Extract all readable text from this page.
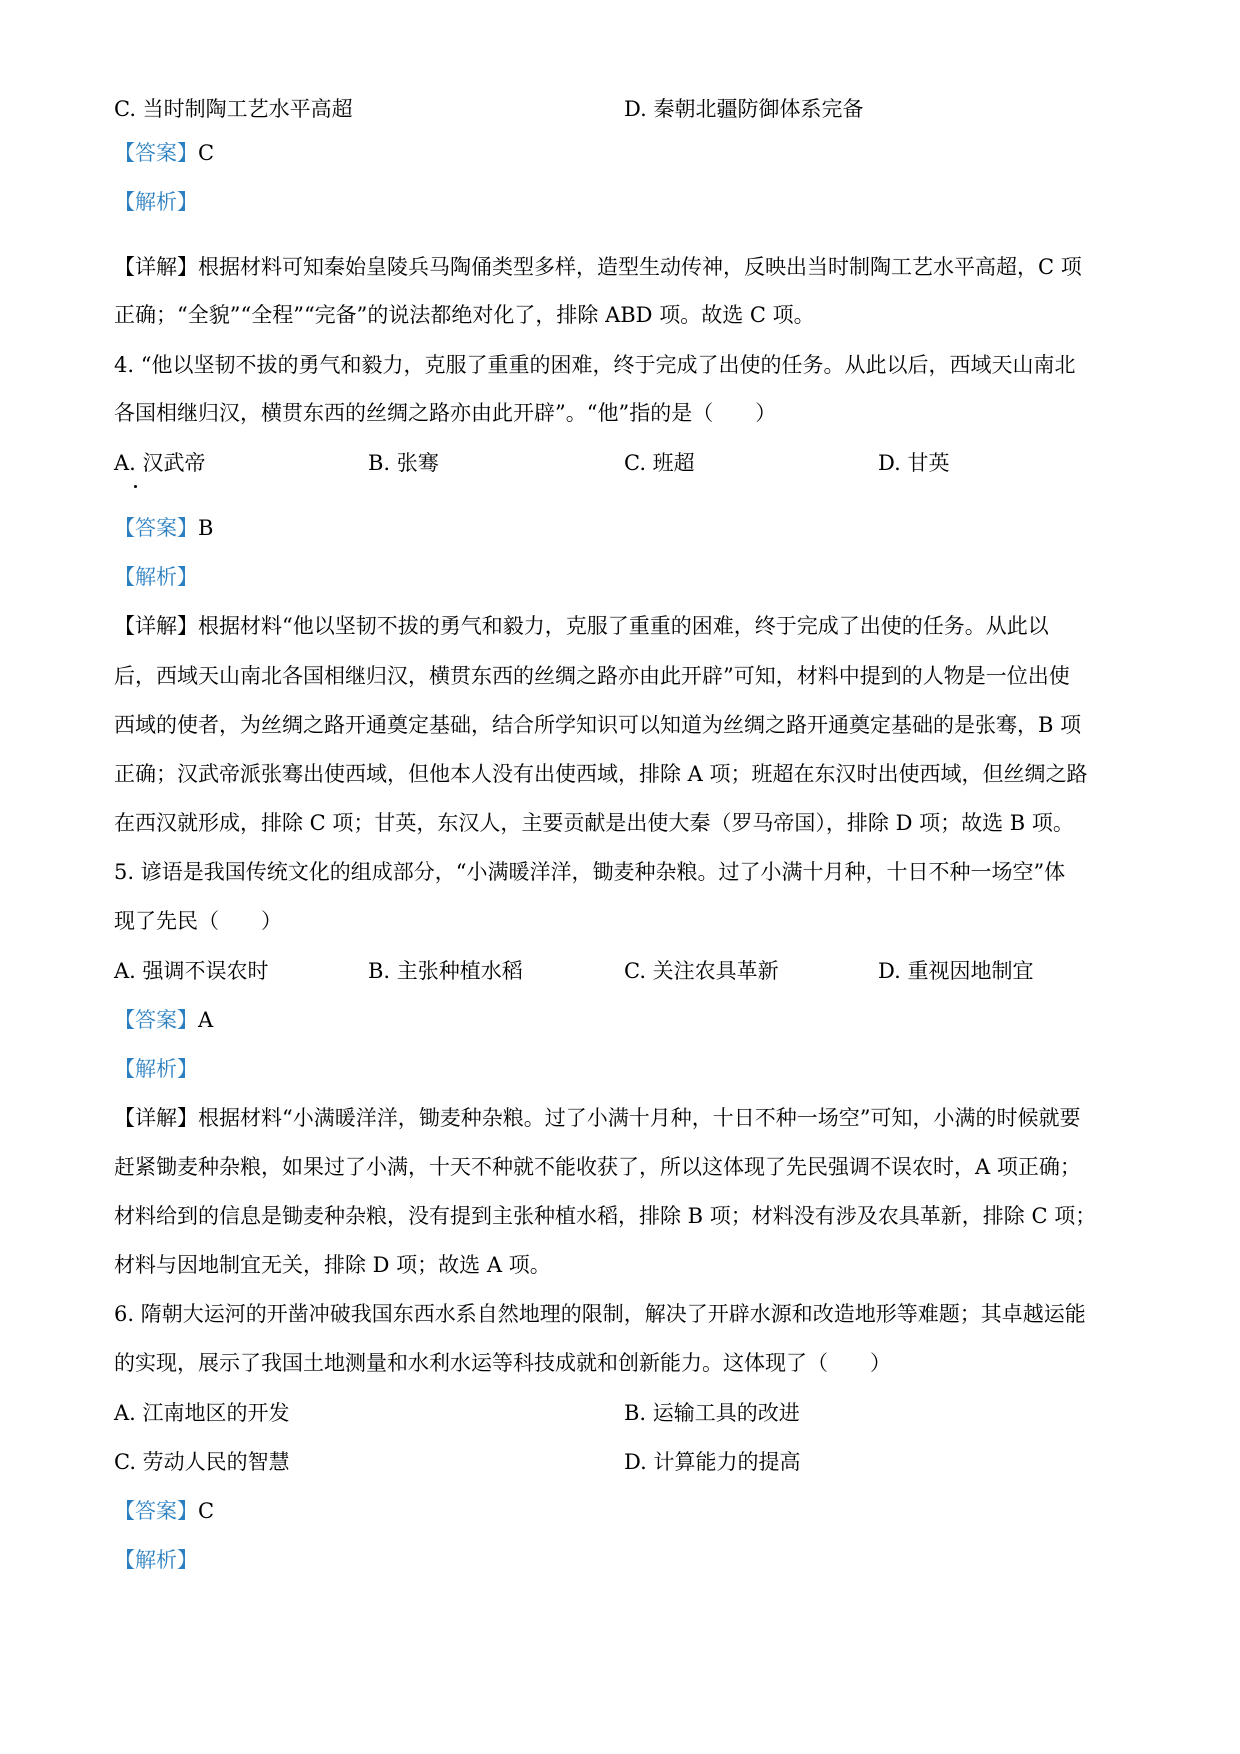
C. 当时制陶工艺水平高超	D. 秦朝北疆防御体系完备
【答案】C
【解析】
【详解】根据材料可知秦始皇陵兵马陶俑类型多样，造型生动传神，反映出当时制陶工艺水平高超，C 项
正确；“全貌”“全程”“完备”的说法都绝对化了，排除 ABD 项。故选 C 项。
4. “他以坚韧不拔的勇气和毅力，克服了重重的困难，终于完成了出使的任务。从此以后，西域天山南北
各国相继归汉，横贯东西的丝绸之路亦由此开辟”。“他”指的是（　　）
A. 汉武帝	B. 张骞	C. 班超	D. 甘英
【答案】B
【解析】
【详解】根据材料“他以坚韧不拔的勇气和毅力，克服了重重的困难，终于完成了出使的任务。从此以
后，西域天山南北各国相继归汉，横贯东西的丝绸之路亦由此开辟”可知，材料中提到的人物是一位出使
西域的使者，为丝绸之路开通奠定基础，结合所学知识可以知道为丝绸之路开通奠定基础的是张骞，B 项
正确；汉武帝派张骞出使西域，但他本人没有出使西域，排除 A 项；班超在东汉时出使西域，但丝绸之路
在西汉就形成，排除 C 项；甘英，东汉人，主要贡献是出使大秦（罗马帝国），排除 D 项；故选 B 项。
5. 谚语是我国传统文化的组成部分，“小满暖洋洋，锄麦种杂粮。过了小满十月种，十日不种一场空”体
现了先民（　　）
A. 强调不误农时	B. 主张种植水稻	C. 关注农具革新	D. 重视因地制宜
【答案】A
【解析】
【详解】根据材料“小满暖洋洋，锄麦种杂粮。过了小满十月种，十日不种一场空”可知，小满的时候就要
赶紧锄麦种杂粮，如果过了小满，十天不种就不能收获了，所以这体现了先民强调不误农时，A 项正确；
材料给到的信息是锄麦种杂粮，没有提到主张种植水稻，排除 B 项；材料没有涉及农具革新，排除 C 项；
材料与因地制宜无关，排除 D 项；故选 A 项。
6. 隋朝大运河的开凿冲破我国东西水系自然地理的限制，解决了开辟水源和改造地形等难题；其卓越运能
的实现，展示了我国土地测量和水利水运等科技成就和创新能力。这体现了（　　）
A. 江南地区的开发	B. 运输工具的改进
C. 劳动人民的智慧	D. 计算能力的提高
【答案】C
【解析】
